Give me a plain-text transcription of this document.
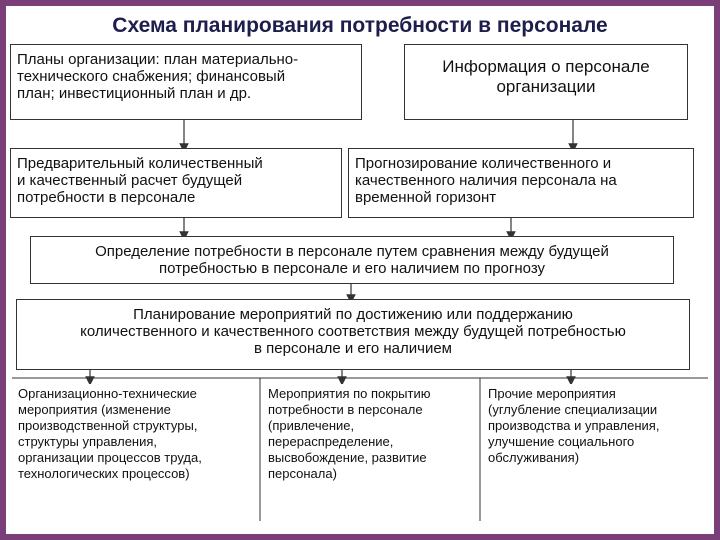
Схема планирования потребности в персонале
Планы организации: план материально-
технического снабжения; финансовый
план; инвестиционный план и др.
Информация о персонале
организации
Предварительный количественный
и качественный расчет будущей
потребности в персонале
Прогнозирование количественного и
качественного наличия персонала на
временной горизонт
Определение потребности в персонале путем сравнения между будущей
потребностью в персонале и его наличием по прогнозу
Планирование мероприятий по достижению или поддержанию
количественного и качественного соответствия между будущей потребностью
в персонале и его наличием
Организационно-технические
мероприятия (изменение
производственной структуры,
структуры управления,
организации процессов труда,
технологических процессов)
Мероприятия по покрытию
потребности в персонале
(привлечение,
перераспределение,
высвобождение, развитие
персонала)
Прочие мероприятия
(углубление специализации
производства и управления,
улучшение социального
обслуживания)
